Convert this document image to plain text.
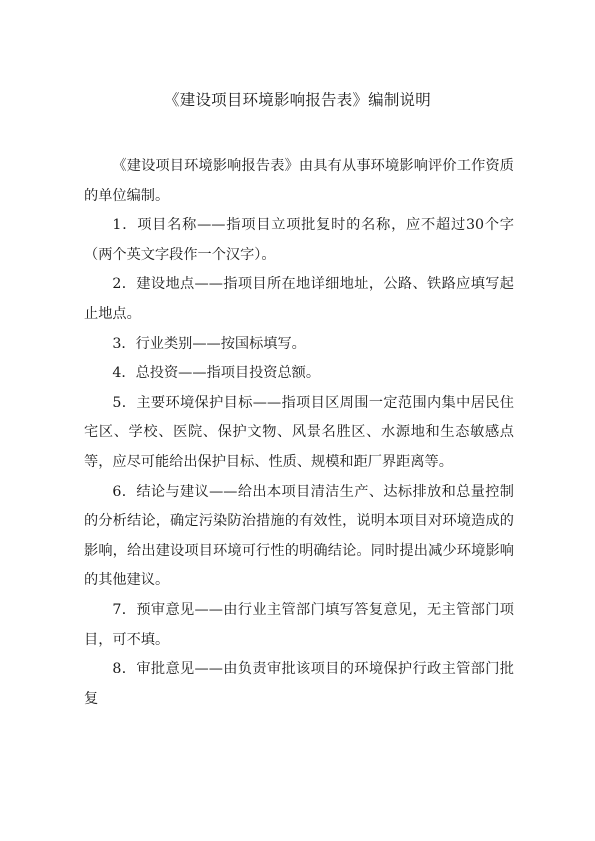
《建设项目环境影响报告表》编制说明

《建设项目环境影响报告表》由具有从事环境影响评价工作资质的单位编制。

1．项目名称——指项目立项批复时的名称，应不超过30个字（两个英文字段作一个汉字）。

2．建设地点——指项目所在地详细地址，公路、铁路应填写起止地点。

3．行业类别——按国标填写。

4．总投资——指项目投资总额。

5．主要环境保护目标——指项目区周围一定范围内集中居民住宅区、学校、医院、保护文物、风景名胜区、水源地和生态敏感点等，应尽可能给出保护目标、性质、规模和距厂界距离等。

6．结论与建议——给出本项目清洁生产、达标排放和总量控制的分析结论，确定污染防治措施的有效性，说明本项目对环境造成的影响，给出建设项目环境可行性的明确结论。同时提出减少环境影响的其他建议。

7．预审意见——由行业主管部门填写答复意见，无主管部门项目，可不填。

8．审批意见——由负责审批该项目的环境保护行政主管部门批复
